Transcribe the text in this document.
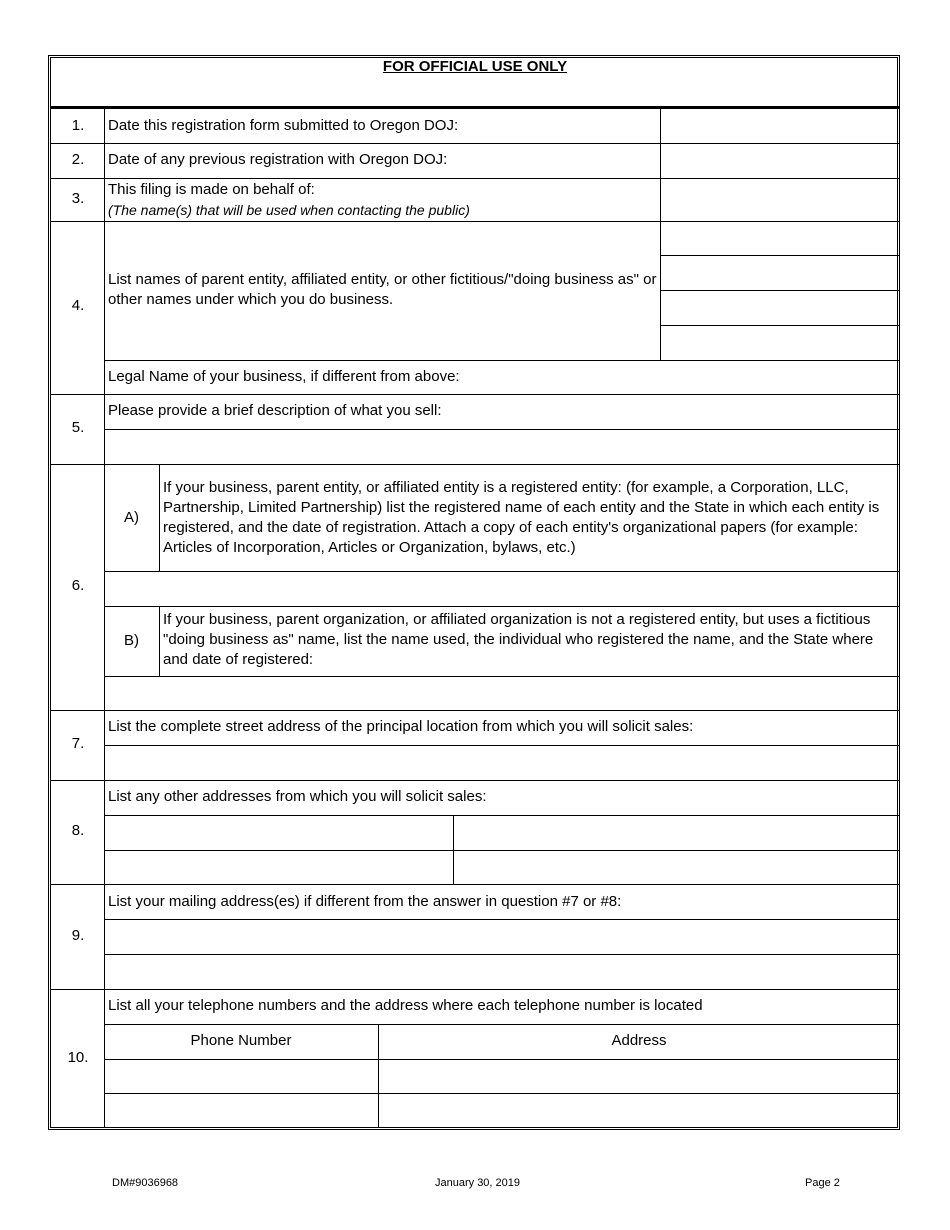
FOR OFFICIAL USE ONLY
1.	Date this registration form submitted to Oregon DOJ:
2.	Date of any previous registration with Oregon DOJ:
3.
This filing is made on behalf of:
(The name(s) that will be used when contacting the public)
4.
List names of parent entity, affiliated entity, or other fictitious/"doing business as" or other names under which you do business.
Legal Name of your business, if different from above:
5.
Please provide a brief description of what you sell:
6.
A)
If your business, parent entity, or affiliated entity is a registered entity: (for example, a Corporation, LLC, Partnership, Limited Partnership) list the registered name of each entity and the State in which each entity is registered, and the date of registration. Attach a copy of each entity's organizational papers (for example: Articles of Incorporation, Articles or Organization, bylaws, etc.)
B)
If your business, parent organization, or affiliated organization is not a registered entity, but uses a fictitious "doing business as" name, list the name used, the individual who registered the name, and the State where and date of registered:
7.
List the complete street address of the principal location from which you will solicit sales:
8.
List any other addresses from which you will solicit sales:
9.
List your mailing address(es) if different from the answer in question #7 or #8:
10.
List all your telephone numbers and the address where each telephone number is located
Phone Number	Address
DM#9036968	January 30, 2019	Page 2
